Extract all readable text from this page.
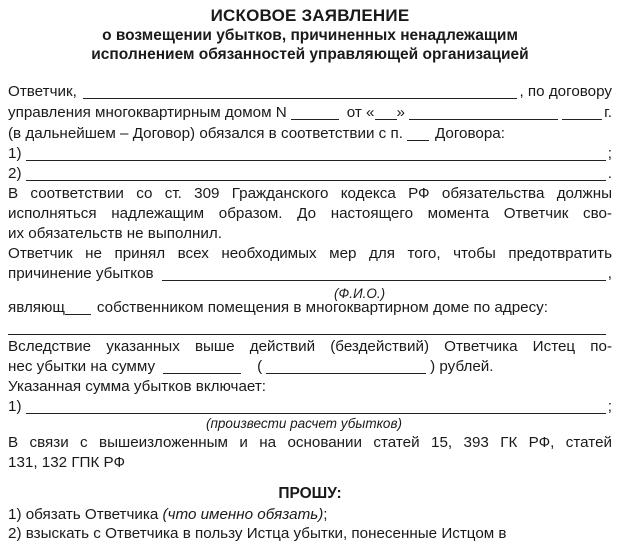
ИСКОВОЕ ЗАЯВЛЕНИЕ
о возмещении убытков, причиненных ненадлежащим
исполнением обязанностей управляющей организацией
Ответчик,	, по договору
управления многоквартирным домом N	от « »	г.
(в дальнейшем – Договор) обязался в соответствии с п. Договора:
1)	;
2)	.
В соответствии со ст. 309 Гражданского кодекса РФ обязательства должны
исполняться надлежащим образом. До настоящего момента Ответчик сво-
их обязательств не выполнил.
Ответчик не принял всех необходимых мер для того, чтобы предотвратить
причинение убытков	,
(Ф.И.О.)
являющ собственником помещения в многоквартирном доме по адресу:
Вследствие указанных выше действий (бездействий) Ответчика Истец по-
нес убытки на сумму	(	) рублей.
Указанная сумма убытков включает:
1)	;
(произвести расчет убытков)
В связи с вышеизложенным и на основании статей 15, 393 ГК РФ, статей
131, 132 ГПК РФ
ПРОШУ:
1) обязать Ответчика (что именно обязать);
2) взыскать с Ответчика в пользу Истца убытки, понесенные Истцом в
